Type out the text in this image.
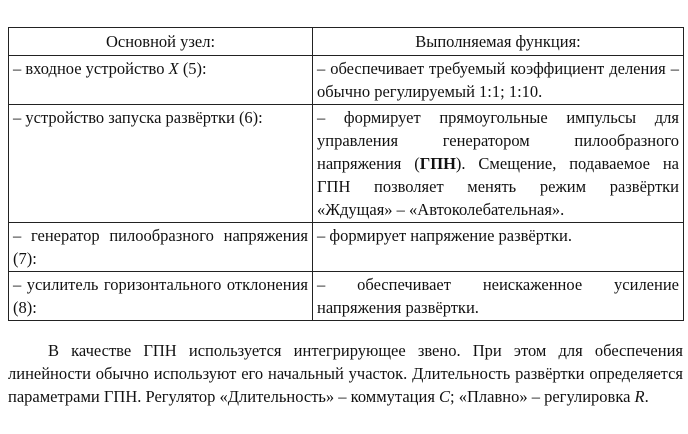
Основной узел:	Выполняемая функция:
– входное устройство X (5):	– обеспечивает требуемый коэффициент деления – обычно регулируемый 1:1; 1:10.
– устройство запуска развёртки (6):	– формирует прямоугольные импульсы для управления генератором пилообразного напряжения (ГПН). Смещение, подаваемое на ГПН позволяет менять режим развёртки «Ждущая» – «Автоколебательная».
– генератор пилообразного напряжения (7):	– формирует напряжение развёртки.
– усилитель горизонтального отклонения (8):	– обеспечивает неискаженное усиление напряжения развёртки.

В качестве ГПН используется интегрирующее звено. При этом для обеспечения линейности обычно используют его начальный участок. Длительность развёртки определяется параметрами ГПН. Регулятор «Длительность» – коммутация C; «Плавно» – регулировка R.
